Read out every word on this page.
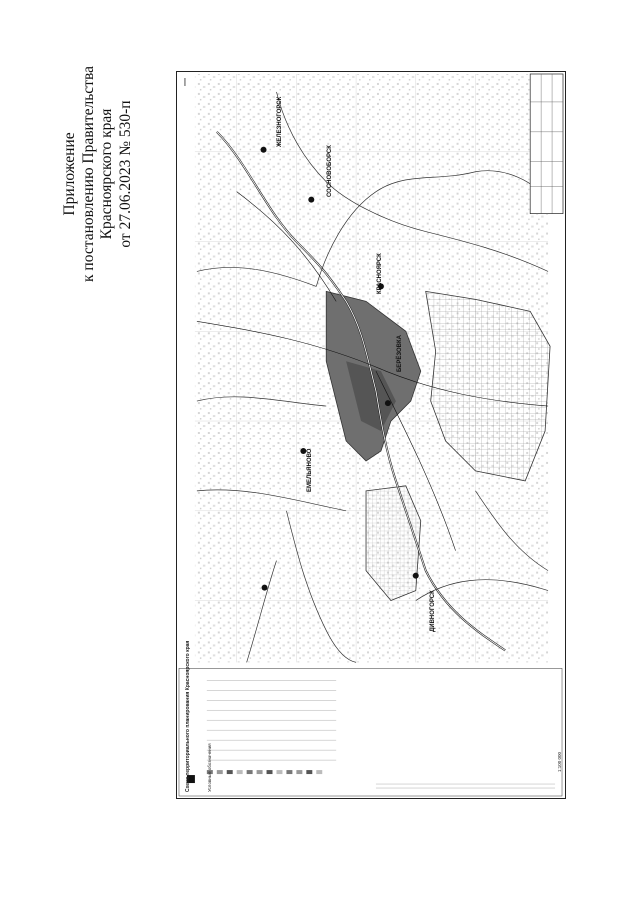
Приложение к постановлению Правительства Красноярского края от 27.06.2023 № 530-п
КРАСНОЯРСК
ДИВНОГОРСК
СОСНОВОБОРСК
ЖЕЛЕЗНОГОРСК
ЕМЕЛЬЯНОВО
БЕРЁЗОВКА
Схема территориального планирования Красноярского края	Условные обозначения	1:100 000
